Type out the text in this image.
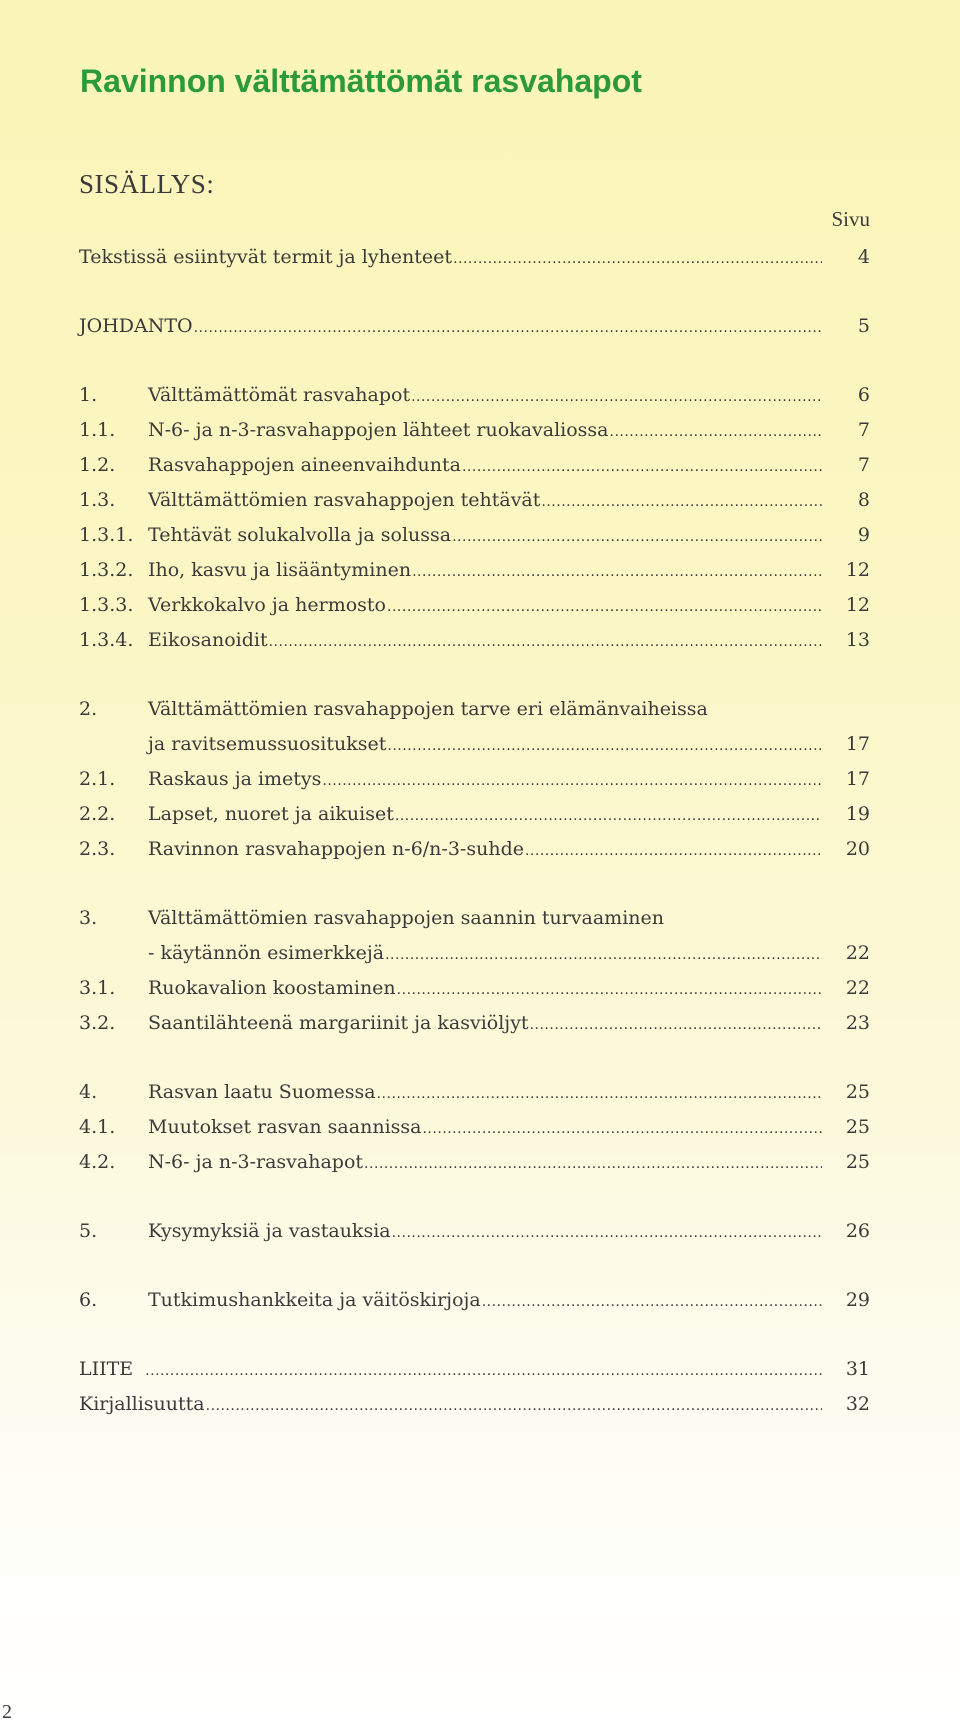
Ravinnon välttämättömät rasvahapot
SISÄLLYS:
Sivu
Tekstissä esiintyvät termit ja lyhenteet .....	4
JOHDANTO .....	5
1.	Välttämättömät rasvahapot .....	6
1.1. N-6- ja n-3-rasvahappojen lähteet ruokavaliossa .....	7
1.2. Rasvahappojen aineenvaihdunta .....	7
1.3. Välttämättömien rasvahappojen tehtävät .....	8
1.3.1. Tehtävät solukalvolla ja solussa .....	9
1.3.2. Iho, kasvu ja lisääntyminen .....	12
1.3.3. Verkkokalvo ja hermosto .....	12
1.3.4. Eikosanoidit .....	13
2.	Välttämättömien rasvahappojen tarve eri elämänvaiheissa
ja ravitsemussuositukset .....	17
2.1. Raskaus ja imetys .....	17
2.2. Lapset, nuoret ja aikuiset .....	19
2.3. Ravinnon rasvahappojen n-6/n-3-suhde .....	20
3.	Välttämättömien rasvahappojen saannin turvaaminen
- käytännön esimerkkejä .....	22
3.1. Ruokavalion koostaminen .....	22
3.2. Saantilähteenä margariinit ja kasviöljyt .....	23
4.	Rasvan laatu Suomessa .....	25
4.1. Muutokset rasvan saannissa .....	25
4.2. N-6- ja n-3-rasvahapot .....	25
5.	Kysymyksiä ja vastauksia .....	26
6.	Tutkimushankkeita ja väitöskirjoja .....	29
LIITE .....	31
Kirjallisuutta .....	32
2
